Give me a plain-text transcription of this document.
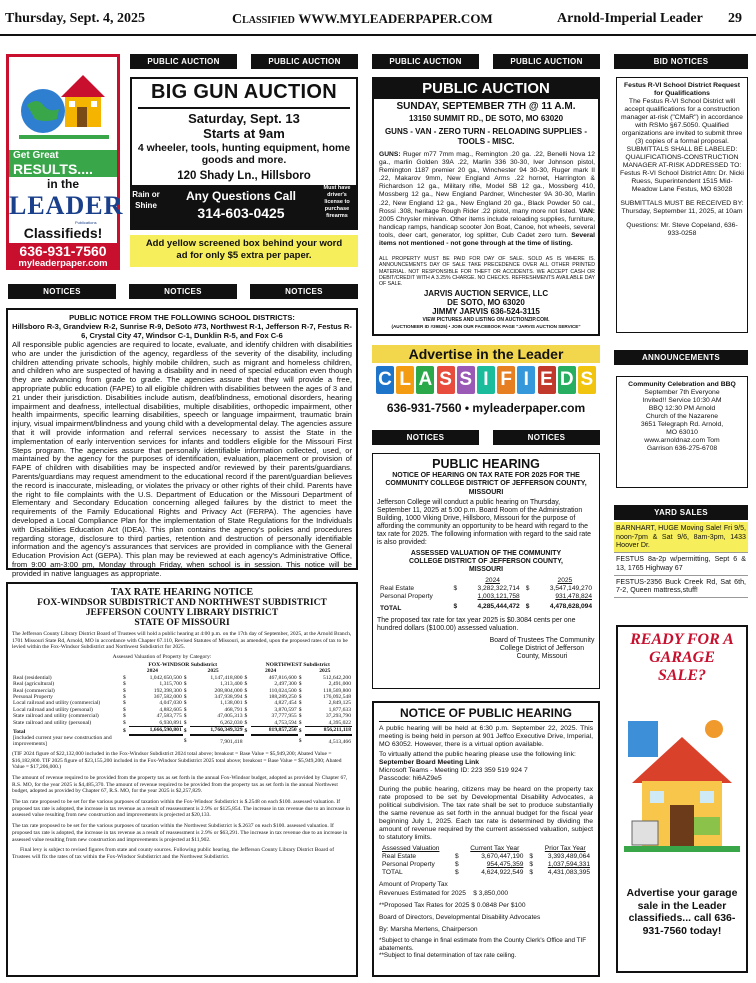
Thursday, Sept. 4, 2025	Classified WWW.MYLEADERPAPER.COM	Arnold-Imperial Leader 29
PUBLIC AUCTION	PUBLIC AUCTION	PUBLIC AUCTION	PUBLIC AUCTION	BID NOTICES
Get Great
RESULTS....
in the
LEADER
Publications
Classifieds!
636-931-7560
myleaderpaper.com
BIG GUN AUCTION
Saturday, Sept. 13
Starts at 9am
4 wheeler, tools, hunting equipment, home goods and more.
120 Shady Ln., Hillsboro
Rain or Shine
Any Questions Call
314-603-0425
Must have driver's license to purchase firearms
Add yellow screened box behind your word ad for only $5 extra per paper.
NOTICES	NOTICES	NOTICES
PUBLIC NOTICE FROM THE FOLLOWING SCHOOL DISTRICTS:
Hillsboro R-3, Grandview R-2, Sunrise R-9, DeSoto #73, Northwest R-1, Jefferson R-7, Festus R-6, Crystal City 47, Windsor C-1, Dunklin R-5, and Fox C-6

All responsible public agencies are required to locate, evaluate, and identify children with disabilities who are under the jurisdiction of the agency, regardless of the severity of the disability, including children attending private schools, highly mobile children, such as migrant and homeless children, and children who are suspected of having a disability and in need of special education even though they are advancing from grade to grade. The agencies assure that they will provide a free, appropriate public education (FAPE) to all eligible children with disabilities between the ages of 3 and 21 under their jurisdiction. Disabilities include autism, deaf/blindness, emotional disorders, hearing impairment and deafness, intellectual disabilities, multiple disabilities, orthopedic impairment, other health impairments, specific learning disabilities, speech or language impairment, traumatic brain injury, visual impairment/blindness and young child with a developmental delay. The agencies assure that it will provide information and referral services necessary to assist the State in the implementation of early intervention services for infants and toddlers eligible for the Missouri First Steps program. The agencies assure that personally identifiable information collected, used, or maintained by the agency for the purposes of identification, evaluation, placement or provision of FAPE of children with disabilities may be inspected and/or reviewed by their parents/guardians. Parents/guardians may request amendment to the educational record if the parent/guardian believes the record is inaccurate, misleading, or violates the privacy or other rights of their child. Parents have the right to file complaints with the U.S. Department of Education or the Missouri Department of Elementary and Secondary Education concerning alleged failures by the district to meet the requirements of the Family Educational Rights and Privacy Act (FERPA). The agencies have developed a Local Compliance Plan for the implementation of State Regulations for the Individuals with Disabilities Education Act (IDEA). This plan contains the agency's policies and procedures regarding storage, disclosure to third parties, retention and destruction of personally identifiable information and the agency's assurances that services are provided in compliance with the General Education Provision Act (GEPA). This plan may be reviewed at each agency's Administrative Office, from 9:00 am-3:00 pm, Monday through Friday, when school is in session. This notice will be provided in native languages as appropriate.

TAX RATE HEARING NOTICE
FOX-WINDSOR SUBDISTRICT AND NORTHWEST SUBDISTRICT
JEFFERSON COUNTY LIBRARY DISTRICT
STATE OF MISSOURI

The Jefferson County Library District Board of Trustees will hold a public hearing at 4:00 p.m. on the 17th day of September, 2025, at the Arnold Branch, 1701 Missouri State Rd, Arnold, MO in accordance with Chapter 67.110, Revised Statutes of Missouri, as amended, upon the proposed rates of tax to be levied within the Fox-Windsor Subdistrict and Northwest Subdistrict for 2025.

Assessed Valuation of Property by Category:
	FOX-WINDSOR Subdistrict				NORTHWEST Subdistrict			
	2024		2025		2024		2025	
Real (residential)	$	1,042,650,500	$	1,147,418,800	$	467,816,600	$	512,642,200
Real (agricultural)	$	1,315,700	$	1,313,400	$	2,497,300	$	2,491,000
Real (commercial)	$	192,398,300	$	208,804,000	$	110,024,500	$	118,569,800
Personal Property	$	367,582,000	$	347,938,994	$	188,289,250	$	176,092,548
Local railroad and utility (commercial)	$	4,047,030	$	1,138,001	$	4,827,454	$	2,849,125
Local railroad and utility (personal)	$	4,882,605	$	468,791	$	3,870,597	$	1,877,633
State railroad and utility (commercial)	$	47,583,775	$	47,005,313	$	37,777,955	$	37,293,790
State railroad and utility (personal)	$	6,930,891	$	6,262,030	$	4,753,594	$	4,395,022
Total	$	1,666,590,801	$	1,760,349,329	$	819,857,250	$	856,211,118
[included current year new construction and improvements]			$	7,901,418			$	4,513,466

(TIF 2024 figure of $22,132,000 included in the Fox-Windsor Subdistrict 2024 total above; breakout = Base Value = $5,949,200; Abated Value = $16,182,800. TIF 2025 figure of $23,155,200 included in the Fox-Windsor Subdistrict 2025 total above; breakout = Base Value = $5,949,200; Abated Value = $17,206,000.)

The amount of revenue required to be provided from the property tax as set forth in the annual Fox-Windsor budget, adopted as provided by Chapter 67, R.S. MO, for the year 2025 is $4,485,370. The amount of revenue required to be provided from the property tax as set forth in the annual Northwest budget, adopted as provided by Chapter 67, R.S. MO, for the year 2025 is $2,257,829.

The tax rate proposed to be set for the various purposes of taxation within the Fox-Windsor Subdistrict is $.2548 on each $100. assessed valuation. If proposed tax rate is adopted, the increase in tax revenue as a result of reassessment is 2.9% or $125,854. The increase in tax revenue due to an increase in assessed value resulting from new construction and improvements is projected at $20,133.

The tax rate proposed to be set for the various purposes of taxation within the Northwest Subdistrict is $.2637 on each $100. assessed valuation. If proposed tax rate is adopted, the increase in tax revenue as a result of reassessment is 2.9% or $63,291. The increase in tax revenue due to an increase in assessed value resulting from new construction and improvements is projected at $11,902.

Final levy is subject to revised figures from state and county sources. Following public hearing, the Jefferson County Library District Board of Trustees will fix the rates of tax within the Fox-Windsor Subdistrict and the Northwest Subdistrict.

PUBLIC AUCTION
SUNDAY, SEPTEMBER 7TH @ 11 A.M.
13150 SUMMIT RD., DE SOTO, MO 63020
GUNS - VAN - ZERO TURN - RELOADING SUPPLIES - TOOLS - MISC.
GUNS: Ruger m77 7mm mag., Remington .20 ga. .22, Benelli Nova 12 ga., marlin Golden 39A .22, Marlin 336 30-30, Iver Johnson pistol, Remington 1187 premier 20 ga., Winchester 94 30-30, Ruger mark II .22, Makarov 9mm, New England Arms .22 hornet, Harrington & Richardson 12 ga., Military rifle, Model SB 12 ga., Mossberg 410, Mossberg 12 ga., New England Pardner, Winchester 9A 30-30, Marlin .22, New England 12 ga., New England 20 ga., Black Powder 50 cal., Rossi .308, heritage Rough Rider .22 pistol, many more not listed. VAN: 2005 Chrysler minivan. Other items include reloading supplies, furniture, handicap ramps, handicap scooter Jon Boat, Canoe, hot wheels, several tools, deer cart, generator, log splitter, Cub Cadet zero turn. Several items not mentioned - not gone through at the time of listing.
ALL PROPERTY MUST BE PAID FOR DAY OF SALE. SOLD AS IS WHERE IS. ANNOUNCEMENTS DAY OF SALE TAKE PRECEDENCE OVER ALL OTHER PRINTED MATERIAL. NOT RESPONSIBLE FOR THEFT OR ACCIDENTS. WE ACCEPT CASH OR DEBIT/CREDIT WITH A 3.25% CHARGE. NO CHECKS. REFRESHMENTS AVAILABLE DAY OF SALE.
JARVIS AUCTION SERVICE, LLC
DE SOTO, MO 63020
JIMMY JARVIS 636-524-3115
VIEW PICTURES AND LISTING ON AUCTIONZIP.COM.
(AUCTIONEER ID #39825) • JOIN OUR FACEBOOK PAGE "JARVIS AUCTION SERVICE"
Advertise in the Leader
C L A S S I F I E D S
636-931-7560 • myleaderpaper.com
NOTICES	NOTICES
PUBLIC HEARING
NOTICE OF HEARING ON TAX RATE FOR 2025 FOR THE COMMUNITY COLLEGE DISTRICT OF JEFFERSON COUNTY, MISSOURI

Jefferson College will conduct a public hearing on Thursday, September 11, 2025 at 5:00 p.m. Board Room of the Administration Building, 1000 Viking Drive, Hillsboro, Missouri for the purpose of affording the community an opportunity to be heard with regard to the tax rate for 2025. The following information with regard to the said rate is also provided:

ASSESSED VALUATION OF THE COMMUNITY COLLEGE DISTRICT OF JEFFERSON COUNTY, MISSOURI
		2024		2025
Real Estate	$	3,282,322,714	$	3,547,149,270
Personal Property		1,003,121,758		931,478,824
TOTAL	$	4,285,444,472	$	4,478,628,094

The proposed tax rate for tax year 2025 is $0.3084 cents per one hundred dollars ($100.00) assessed valuation.

Board of Trustees The Community College District of Jefferson County, Missouri

NOTICE OF PUBLIC HEARING

A public hearing will be held at 6:30 p.m. September 22, 2025. This meeting is being held in person at 901 Jeffco Executive Drive, Imperial, MO 63052. However, there is a virtual option available.

To virtually attend the public hearing please use the following link:

September Board Meeting Link

Microsoft Teams - Meeting ID: 223 359 519 924 7

Passcode: hi6AZ9e5

During the public hearing, citizens may be heard on the property tax rate proposed to be set by Developmental Disability Advocates, a political subdivision. The tax rate shall be set to produce substantially the same revenue as set forth in the annual budget for the fiscal year beginning July 1, 2025. Each tax rate is determined by dividing the amount of revenue required by the current assessed valuation, subject to statutory limits.

Assessed Valuation		Current Tax Year		Prior Tax Year
Real Estate	$	3,670,447,190	$	3,393,489,064
Personal Property	$	954,475,359	$	1,037,594,331
TOTAL	$	4,624,922,549	$	4,431,083,395

Amount of Property Tax

Revenues Estimated for 2025 $ 3,850,000

**Proposed Tax Rates for 2025 $ 0.0848 Per $100

Board of Directors, Developmental Disability Advocates

By: Marsha Mertens, Chairperson

*Subject to change in final estimate from the County Clerk's Office and TIF abatements.

**Subject to final determination of tax rate ceiling.

Festus R-VI School District Request for Qualifications

The Festus R-VI School District will accept qualifications for a construction manager at-risk ("CMaR") in accordance with RSMo §67.5050. Qualified organizations are invited to submit three (3) copies of a formal proposal. SUBMITTALS SHALL BE LABELED: QUALIFICATIONS-CONSTRUCTION MANAGER AT-RISK ADDRESSED TO: Festus R-VI School District Attn: Dr. Nicki Ruess, Superintendent 1515 Mid-Meadow Lane Festus, MO 63028

SUBMITTALS MUST BE RECEIVED BY: Thursday, September 11, 2025, at 10am

Questions: Mr. Steve Copeland, 636-933-0258

ANNOUNCEMENTS
Community Celebration and BBQ

September 7th Everyone Invited!! Service 10:30 AM BBQ 12:30 PM Arnold Church of the Nazarene 3651 Telegraph Rd. Arnold, MO 63010 www.arnoldnaz.com Tom Garrison 636-275-6708

YARD SALES
BARNHART, HUGE Moving Sale! Fri 9/5, noon-7pm & Sat 9/6, 8am-3pm, 1433 Hoover Dr.
FESTUS 8a-2p w/permitting, Sept 6 & 13, 1765 Highway 67
FESTUS-2356 Buck Creek Rd, Sat 6th, 7-2, Queen mattress,stuff!
READY FOR A GARAGE SALE?
Advertise your garage sale in the Leader classifieds... call 636-931-7560 today!
